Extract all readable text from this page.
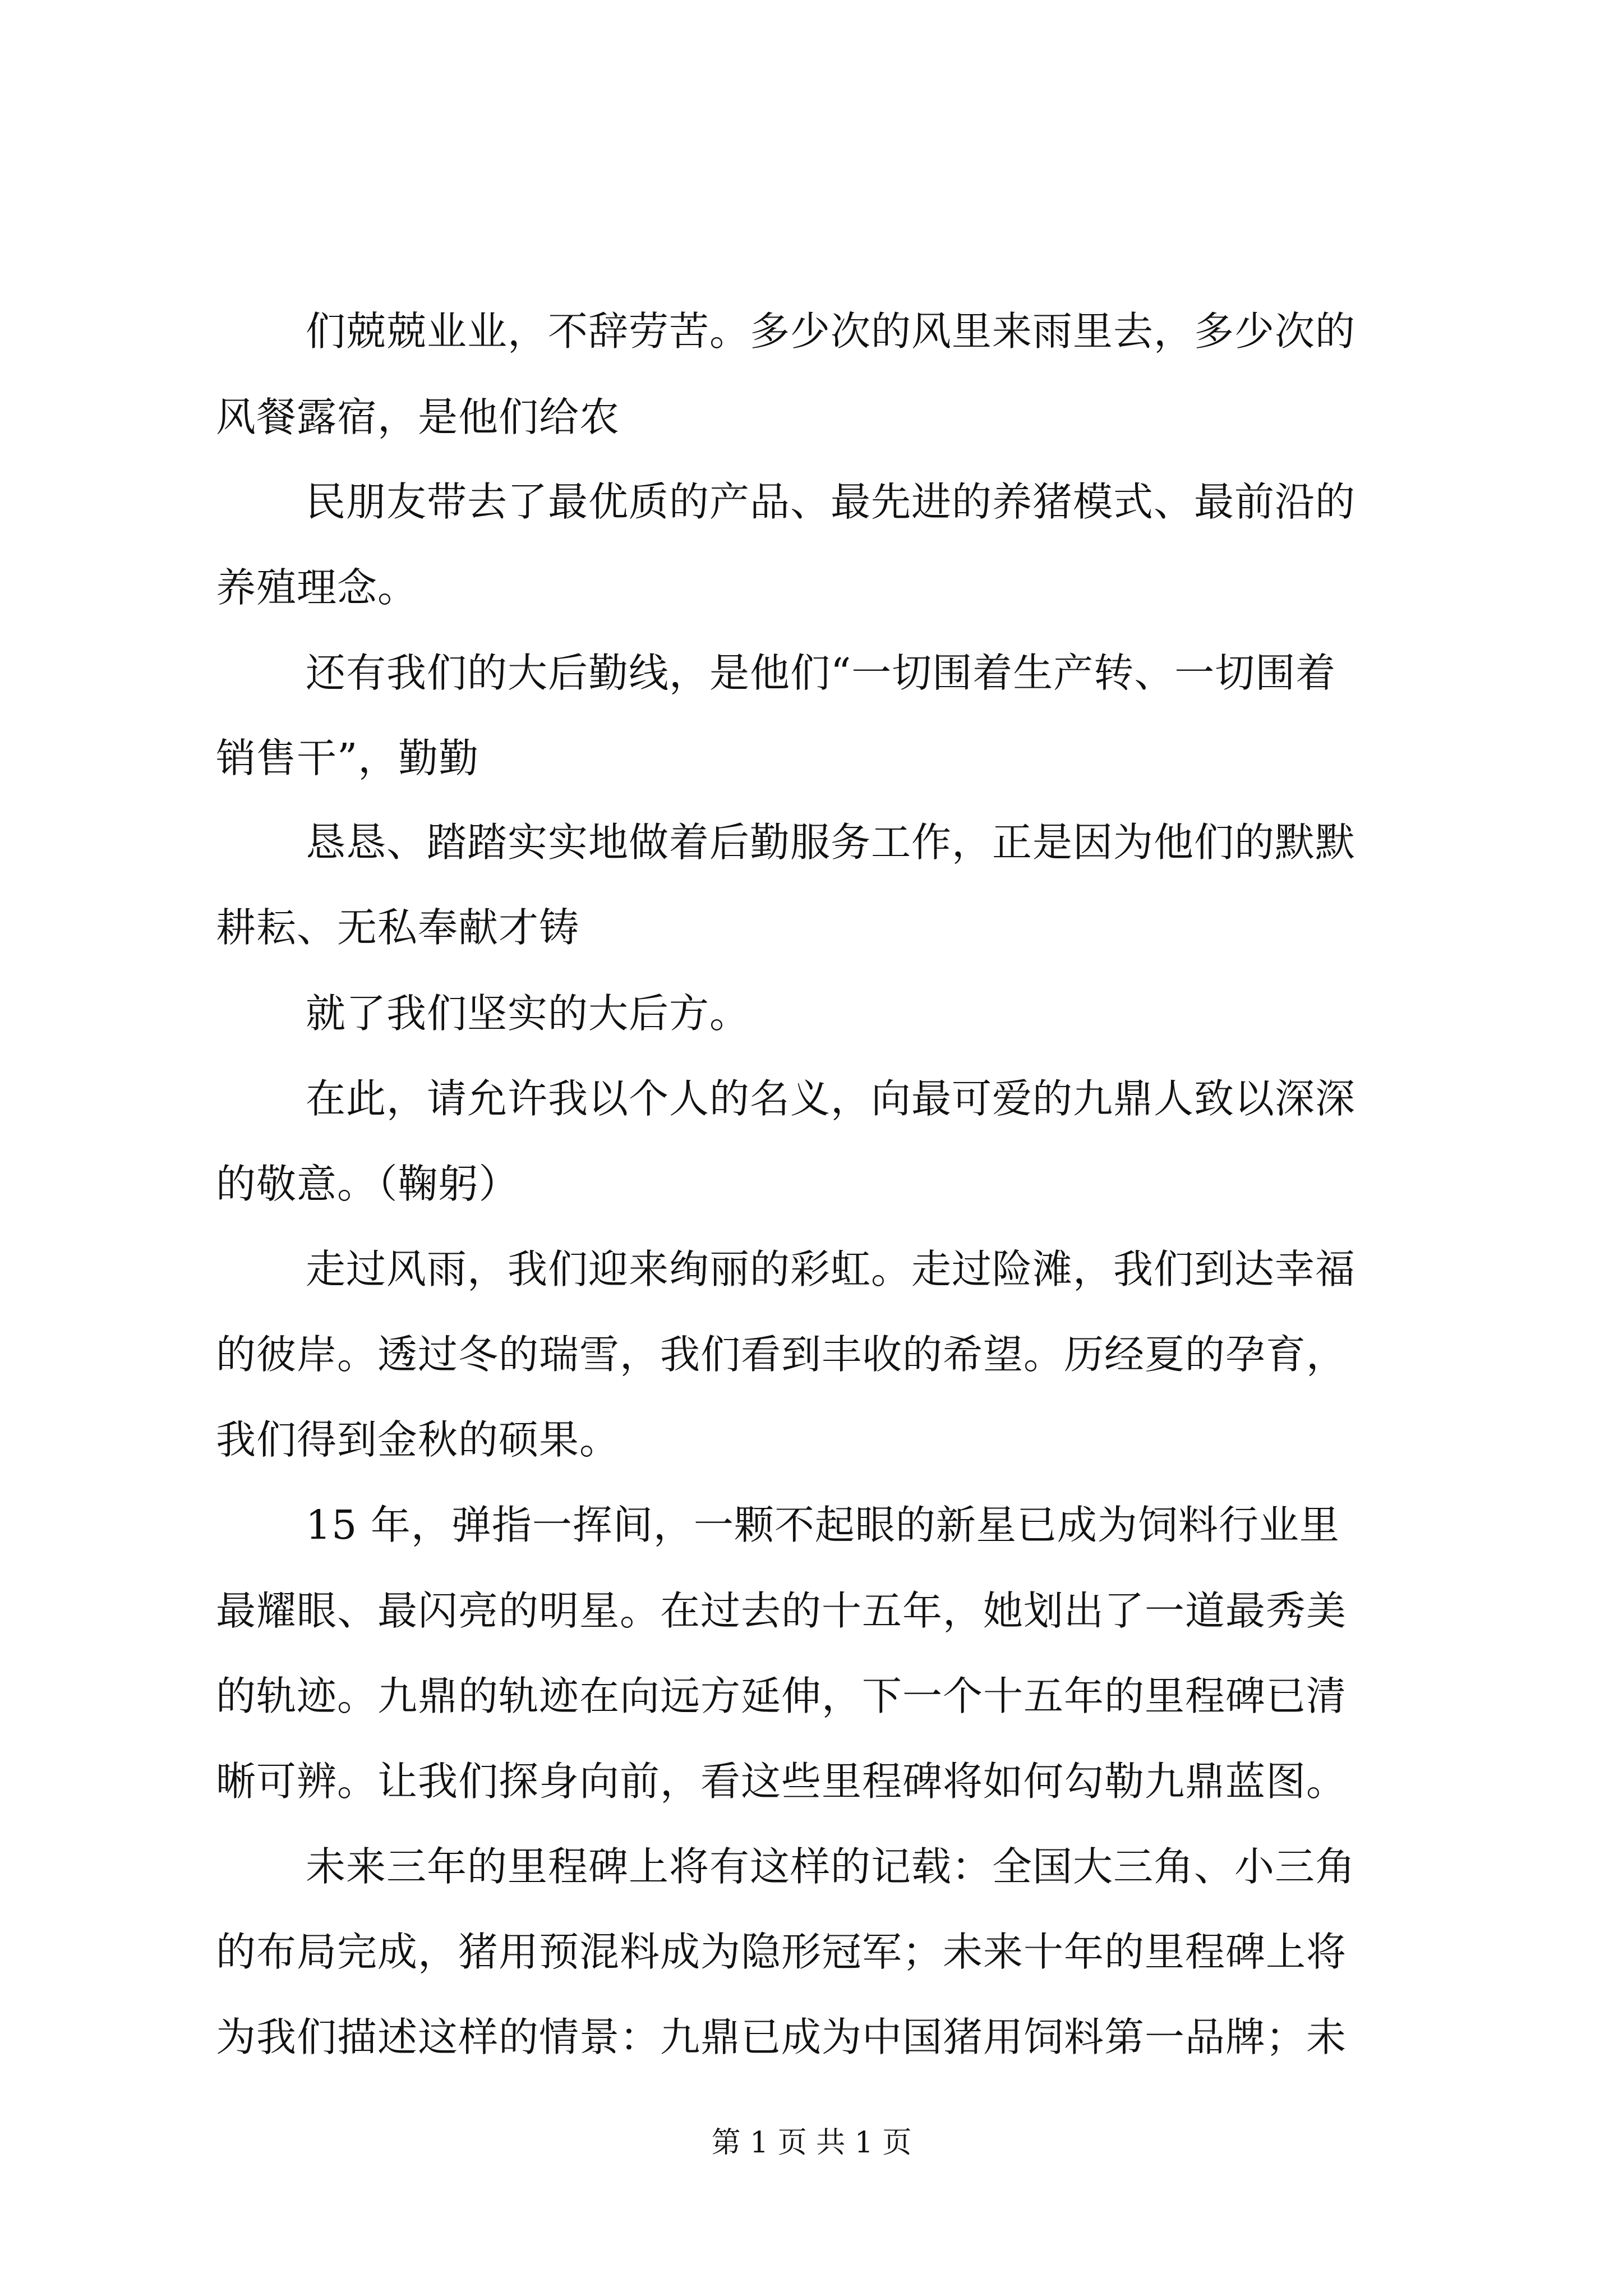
们兢兢业业，不辞劳苦。多少次的风里来雨里去，多少次的
风餐露宿，是他们给农
民朋友带去了最优质的产品、最先进的养猪模式、最前沿的
养殖理念。
还有我们的大后勤线，是他们“一切围着生产转、一切围着
销售干”，勤勤
恳恳、踏踏实实地做着后勤服务工作，正是因为他们的默默
耕耘、无私奉献才铸
就了我们坚实的大后方。
在此，请允许我以个人的名义，向最可爱的九鼎人致以深深
的敬意。（鞠躬）
走过风雨，我们迎来绚丽的彩虹。走过险滩，我们到达幸福
的彼岸。透过冬的瑞雪，我们看到丰收的希望。历经夏的孕育，
我们得到金秋的硕果。
15 年，弹指一挥间，一颗不起眼的新星已成为饲料行业里
最耀眼、最闪亮的明星。在过去的十五年，她划出了一道最秀美
的轨迹。九鼎的轨迹在向远方延伸，下一个十五年的里程碑已清
晰可辨。让我们探身向前，看这些里程碑将如何勾勒九鼎蓝图。
未来三年的里程碑上将有这样的记载：全国大三角、小三角
的布局完成，猪用预混料成为隐形冠军；未来十年的里程碑上将
为我们描述这样的情景：九鼎已成为中国猪用饲料第一品牌；未
第 1 页 共 1 页
